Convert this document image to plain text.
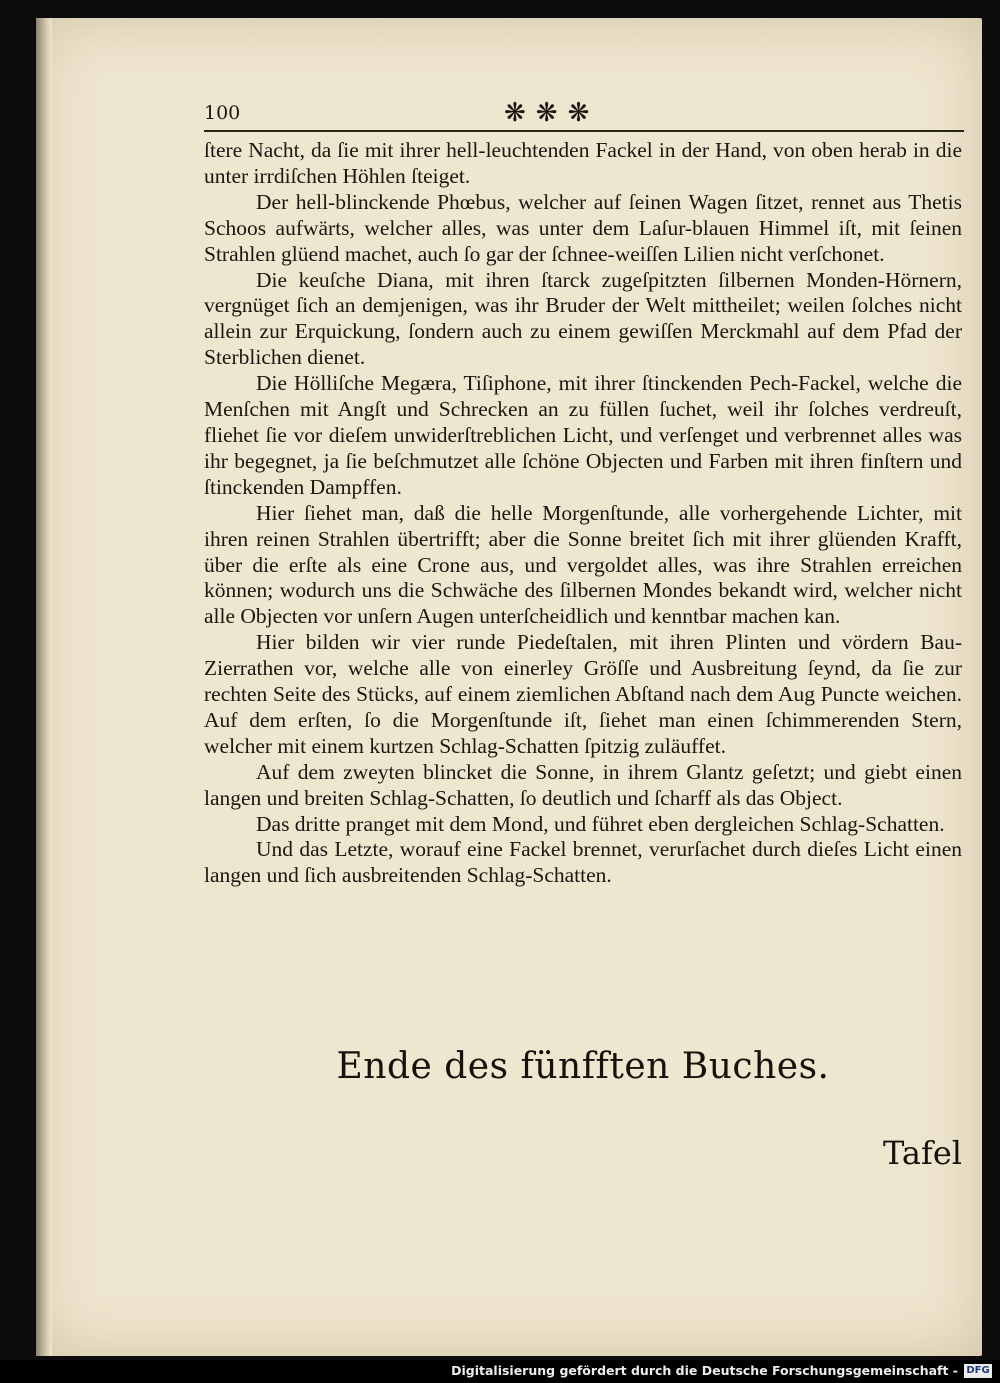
100	❋❋❋

ſtere Nacht, da ſie mit ihrer hell-leuchtenden Fackel in der Hand, von oben herab in die unter irrdiſchen Höhlen ſteiget.

Der hell-blinckende Phœbus, welcher auf ſeinen Wagen ſitzet, rennet aus Thetis Schoos aufwärts, welcher alles, was unter dem Laſur-blauen Himmel iſt, mit ſeinen Strahlen glüend machet, auch ſo gar der ſchnee-weiſſen Lilien nicht verſchonet.

Die keuſche Diana, mit ihren ſtarck zugeſpitzten ſilbernen Monden-Hörnern, vergnüget ſich an demjenigen, was ihr Bruder der Welt mittheilet; weilen ſolches nicht allein zur Erquickung, ſondern auch zu einem gewiſſen Merckmahl auf dem Pfad der Sterblichen dienet.

Die Hölliſche Megæra, Tiſiphone, mit ihrer ſtinckenden Pech-Fackel, welche die Menſchen mit Angſt und Schrecken an zu füllen ſuchet, weil ihr ſolches verdreuſt, fliehet ſie vor dieſem unwiderſtreblichen Licht, und verſenget und verbrennet alles was ihr begegnet, ja ſie beſchmutzet alle ſchöne Objecten und Farben mit ihren finſtern und ſtinckenden Dampffen.

Hier ſiehet man, daß die helle Morgenſtunde, alle vorhergehende Lichter, mit ihren reinen Strahlen übertrifft; aber die Sonne breitet ſich mit ihrer glüenden Krafft, über die erſte als eine Crone aus, und vergoldet alles, was ihre Strahlen erreichen können; wodurch uns die Schwäche des ſilbernen Mondes bekandt wird, welcher nicht alle Objecten vor unſern Augen unterſcheidlich und kenntbar machen kan.

Hier bilden wir vier runde Piedeſtalen, mit ihren Plinten und vördern Bau-Zierrathen vor, welche alle von einerley Gröſſe und Ausbreitung ſeynd, da ſie zur rechten Seite des Stücks, auf einem ziemlichen Abſtand nach dem Aug Puncte weichen. Auf dem erſten, ſo die Morgenſtunde iſt, ſiehet man einen ſchimmerenden Stern, welcher mit einem kurtzen Schlag-Schatten ſpitzig zuläuffet.

Auf dem zweyten blincket die Sonne, in ihrem Glantz geſetzt; und giebt einen langen und breiten Schlag-Schatten, ſo deutlich und ſcharff als das Object.

Das dritte pranget mit dem Mond, und führet eben dergleichen Schlag-Schatten.

Und das Letzte, worauf eine Fackel brennet, verurſachet durch dieſes Licht einen langen und ſich ausbreitenden Schlag-Schatten.

Ende des fünfften Buches.
Tafel
Digitalisierung gefördert durch die Deutsche Forschungsgemeinschaft - DFG
